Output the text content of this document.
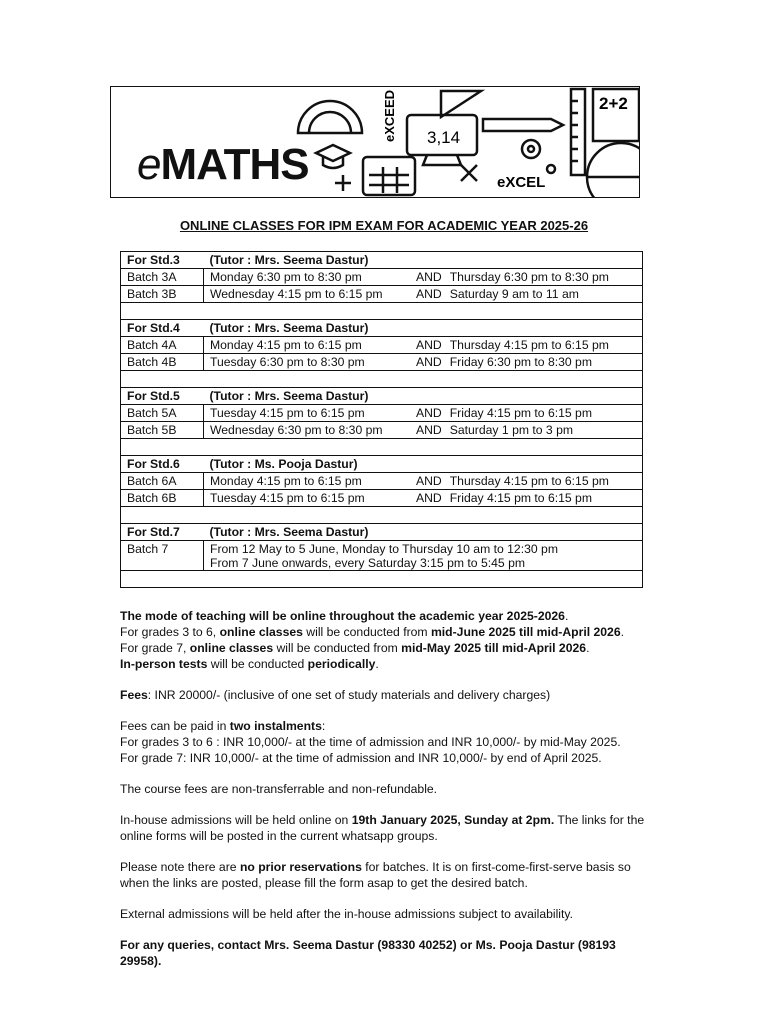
eMATHS
eXCEED 3,14
eXCEL
2+2
ONLINE CLASSES FOR IPM EXAM FOR ACADEMIC YEAR 2025-26
For Std.3	(Tutor : Mrs. Seema Dastur)
Batch 3A	Monday 6:30 pm to 8:30 pm AND Thursday 6:30 pm to 8:30 pm
Batch 3B	Wednesday 4:15 pm to 6:15 pm AND Saturday 9 am to 11 am

For Std.4	(Tutor : Mrs. Seema Dastur)
Batch 4A	Monday 4:15 pm to 6:15 pm AND Thursday 4:15 pm to 6:15 pm
Batch 4B	Tuesday 6:30 pm to 8:30 pm AND Friday 6:30 pm to 8:30 pm

For Std.5	(Tutor : Mrs. Seema Dastur)
Batch 5A	Tuesday 4:15 pm to 6:15 pm AND Friday 4:15 pm to 6:15 pm
Batch 5B	Wednesday 6:30 pm to 8:30 pm AND Saturday 1 pm to 3 pm

For Std.6	(Tutor : Ms. Pooja Dastur)
Batch 6A	Monday 4:15 pm to 6:15 pm AND Thursday 4:15 pm to 6:15 pm
Batch 6B	Tuesday 4:15 pm to 6:15 pm AND Friday 4:15 pm to 6:15 pm

For Std.7	(Tutor : Mrs. Seema Dastur)
Batch 7	From 12 May to 5 June, Monday to Thursday 10 am to 12:30 pm
From 7 June onwards, every Saturday 3:15 pm to 5:45 pm

The mode of teaching will be online throughout the academic year 2025-2026.

For grades 3 to 6, online classes will be conducted from mid-June 2025 till mid-April 2026.

For grade 7, online classes will be conducted from mid-May 2025 till mid-April 2026.

In-person tests will be conducted periodically.

Fees: INR 20000/- (inclusive of one set of study materials and delivery charges)

Fees can be paid in two instalments:

For grades 3 to 6 : INR 10,000/- at the time of admission and INR 10,000/- by mid-May 2025.

For grade 7: INR 10,000/- at the time of admission and INR 10,000/- by end of April 2025.

The course fees are non-transferrable and non-refundable.

In-house admissions will be held online on 19th January 2025, Sunday at 2pm. The links for the online forms will be posted in the current whatsapp groups.

Please note there are no prior reservations for batches. It is on first-come-first-serve basis so when the links are posted, please fill the form asap to get the desired batch.

External admissions will be held after the in-house admissions subject to availability.

For any queries, contact Mrs. Seema Dastur (98330 40252) or Ms. Pooja Dastur (98193 29958).
